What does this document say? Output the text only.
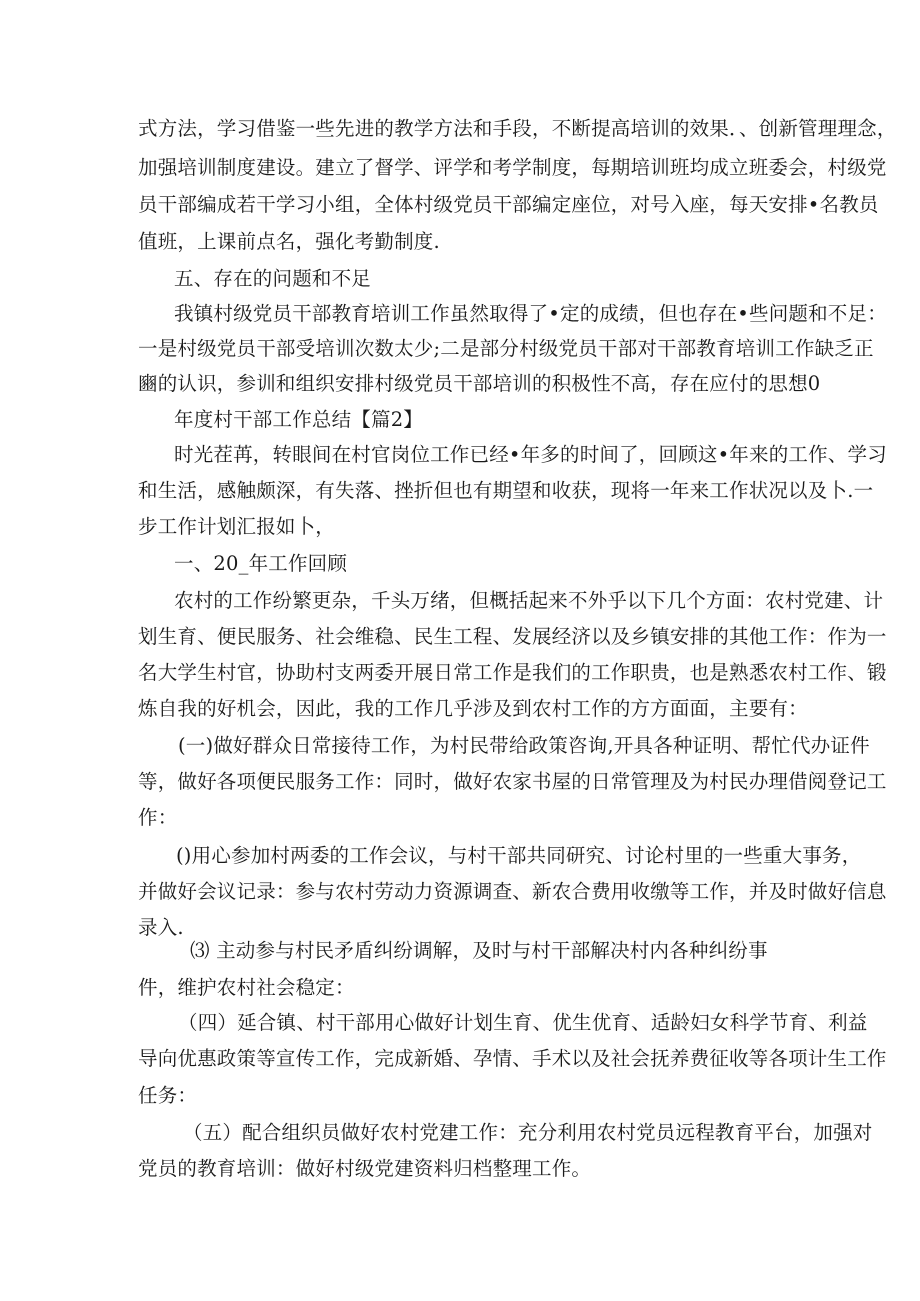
式方法，学习借鉴一些先进的教学方法和手段，不断提高培训的效果．、创新管理理念，
加强培训制度建设。建立了督学、评学和考学制度，每期培训班均成立班委会，村级党
员干部编成若干学习小组，全体村级党员干部编定座位，对号入座，每天安排•名教员
值班，上课前点名，强化考勤制度.
五、存在的问题和不足
我镇村级党员干部教育培训工作虽然取得了•定的成绩，但也存在•些问题和不足：
一是村级党员干部受培训次数太少;二是部分村级党员干部对干部教育培训工作缺乏正
豳的认识，参训和组织安排村级党员干部培训的积极性不高，存在应付的思想0
年度村干部工作总结【篇2】
时光茬苒，转眼间在村官岗位工作已经•年多的时间了，回顾这•年来的工作、学习
和生活，感触颇深，有失落、挫折但也有期望和收获，现将一年来工作状况以及卜.一
步工作计划汇报如卜，
一、20_年工作回顾
农村的工作纷繁更杂，千头万绪，但概括起来不外乎以下几个方面：农村党建、计
划生育、便民服务、社会维稳、民生工程、发展经济以及乡镇安排的其他工作：作为一
名大学生村官，协助村支两委开展日常工作是我们的工作职贵，也是熟悉农村工作、锻
炼自我的好机会，因此，我的工作几乎涉及到农村工作的方方面面，主要有：
(一)做好群众日常接待工作，为村民带给政策咨询,开具各种证明、帮忙代办证件
等，做好各项便民服务工作：同时，做好农家书屋的日常管理及为村民办理借阅登记工
作：
()用心参加村两委的工作会议，与村干部共同研究、讨论村里的一些重大事务，
并做好会议记录：参与农村劳动力资源调查、新农合费用收缴等工作，并及时做好信息
录入.
⑶ 主动参与村民矛盾纠纷调解，及时与村干部解决村内各种纠纷事
件，维护农村社会稳定：
（四）延合镇、村干部用心做好计划生育、优生优育、适龄妇女科学节育、利益
导向优惠政策等宣传工作，完成新婚、孕情、手术以及社会抚养费征收等各项计生工作
任务：
（五）配合组织员做好农村党建工作：充分利用农村党员远程教育平台，加强对
党员的教育培训：做好村级党建资料归档整理工作。
